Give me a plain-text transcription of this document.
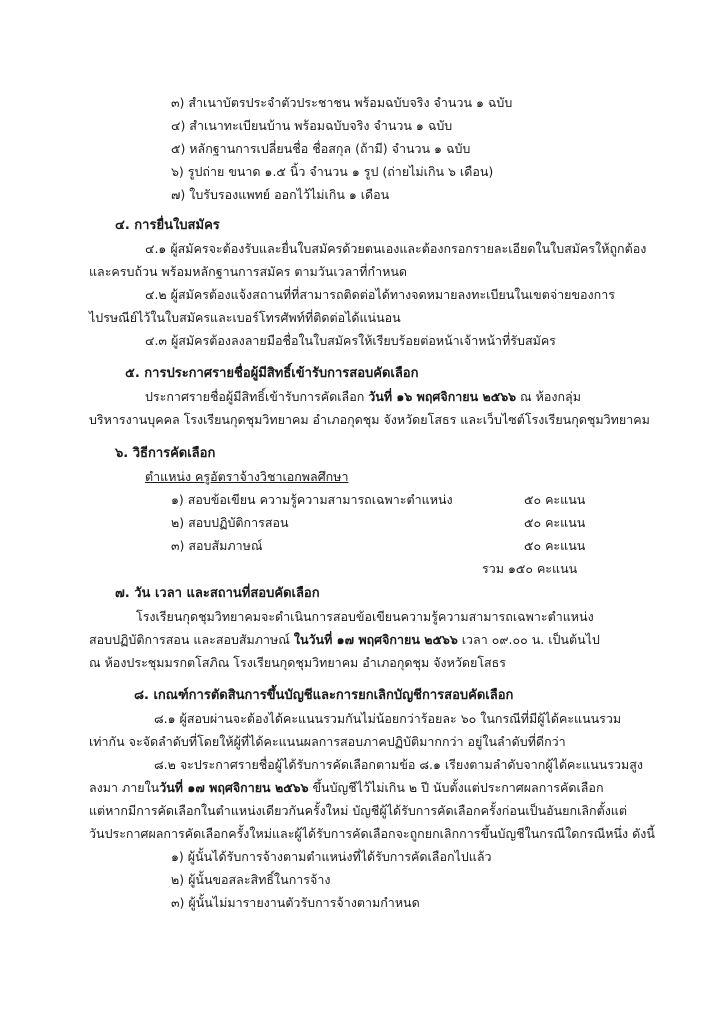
๓) สำเนาบัตรประจำตัวประชาชน พร้อมฉบับจริง จำนวน ๑ ฉบับ
๔) สำเนาทะเบียนบ้าน พร้อมฉบับจริง จำนวน ๑ ฉบับ
๕) หลักฐานการเปลี่ยนชื่อ ชื่อสกุล (ถ้ามี) จำนวน ๑ ฉบับ
๖) รูปถ่าย ขนาด ๑.๕ นิ้ว จำนวน ๑ รูป (ถ่ายไม่เกิน ๖ เดือน)
๗) ใบรับรองแพทย์ ออกไว้ไม่เกิน ๑ เดือน
๔. การยื่นใบสมัคร
๔.๑ ผู้สมัครจะต้องรับและยื่นใบสมัครด้วยตนเองและต้องกรอกรายละเอียดในใบสมัครให้ถูกต้อง
และครบถ้วน พร้อมหลักฐานการสมัคร ตามวันเวลาที่กำหนด
๔.๒ ผู้สมัครต้องแจ้งสถานที่ที่สามารถติดต่อได้ทางจดหมายลงทะเบียนในเขตจ่ายของการ
ไปรษณีย์ไว้ในใบสมัครและเบอร์โทรศัพท์ที่ติดต่อได้แน่นอน
๔.๓ ผู้สมัครต้องลงลายมือชื่อในใบสมัครให้เรียบร้อยต่อหน้าเจ้าหน้าที่รับสมัคร
๕. การประกาศรายชื่อผู้มีสิทธิ์เข้ารับการสอบคัดเลือก
ประกาศรายชื่อผู้มีสิทธิ์เข้ารับการคัดเลือก วันที่ ๑๖ พฤศจิกายน ๒๕๖๖ ณ ห้องกลุ่ม
บริหารงานบุคคล โรงเรียนกุดชุมวิทยาคม อำเภอกุดชุม จังหวัดยโสธร และเว็บไซต์โรงเรียนกุดชุมวิทยาคม
๖. วิธีการคัดเลือก
ตำแหน่ง ครูอัตราจ้างวิชาเอกพลศึกษา
๑) สอบข้อเขียน ความรู้ความสามารถเฉพาะตำแหน่ง	๕๐ คะแนน
๒) สอบปฏิบัติการสอน	๕๐ คะแนน
๓) สอบสัมภาษณ์	๕๐ คะแนน
รวม ๑๕๐ คะแนน
๗. วัน เวลา และสถานที่สอบคัดเลือก
โรงเรียนกุดชุมวิทยาคมจะดำเนินการสอบข้อเขียนความรู้ความสามารถเฉพาะตำแหน่ง
สอบปฏิบัติการสอน และสอบสัมภาษณ์ ในวันที่ ๑๗ พฤศจิกายน ๒๕๖๖ เวลา ๐๙.๐๐ น. เป็นต้นไป
ณ ห้องประชุมมรกตโสภิณ โรงเรียนกุดชุมวิทยาคม อำเภอกุดชุม จังหวัดยโสธร
๘. เกณฑ์การตัดสินการขึ้นบัญชีและการยกเลิกบัญชีการสอบคัดเลือก
๘.๑ ผู้สอบผ่านจะต้องได้คะแนนรวมกันไม่น้อยกว่าร้อยละ ๖๐ ในกรณีที่มีผู้ได้คะแนนรวม
เท่ากัน จะจัดลำดับที่โดยให้ผู้ที่ได้คะแนนผลการสอบภาคปฏิบัติมากกว่า อยู่ในลำดับที่ดีกว่า
๘.๒ จะประกาศรายชื่อผู้ได้รับการคัดเลือกตามข้อ ๘.๑ เรียงตามลำดับจากผู้ได้คะแนนรวมสูง
ลงมา ภายในวันที่ ๑๗ พฤศจิกายน ๒๕๖๖ ขึ้นบัญชีไว้ไม่เกิน ๒ ปี นับตั้งแต่ประกาศผลการคัดเลือก
แต่หากมีการคัดเลือกในตำแหน่งเดียวกันครั้งใหม่ บัญชีผู้ได้รับการคัดเลือกครั้งก่อนเป็นอันยกเลิกตั้งแต่
วันประกาศผลการคัดเลือกครั้งใหม่และผู้ได้รับการคัดเลือกจะถูกยกเลิกการขึ้นบัญชีในกรณีใดกรณีหนึ่ง ดังนี้
๑) ผู้นั้นได้รับการจ้างตามตำแหน่งที่ได้รับการคัดเลือกไปแล้ว
๒) ผู้นั้นขอสละสิทธิ์ในการจ้าง
๓) ผู้นั้นไม่มารายงานตัวรับการจ้างตามกำหนด
